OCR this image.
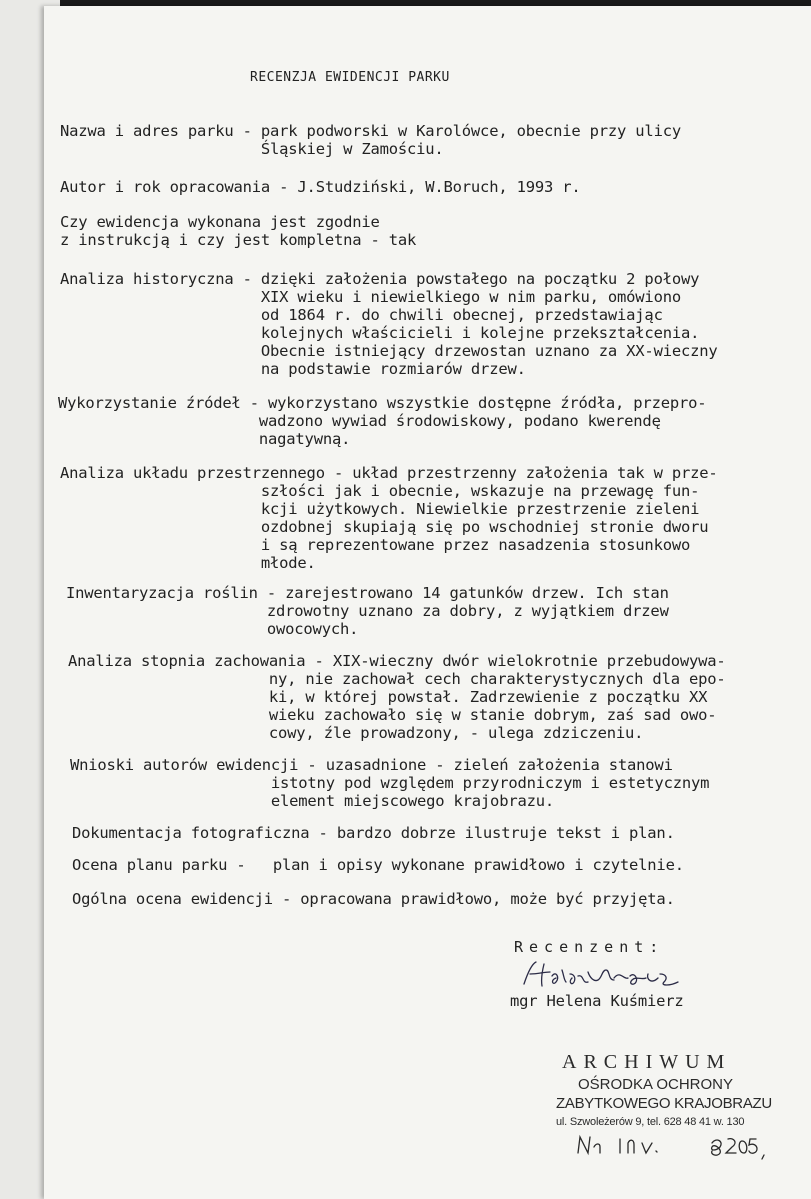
RECENZJA EWIDENCJI PARKU
Nazwa i adres parku - park podworski w Karolówce, obecnie przy ulicy
Śląskiej w Zamościu.
Autor i rok opracowania - J.Studziński, W.Boruch, 1993 r.
Czy ewidencja wykonana jest zgodnie
z instrukcją i czy jest kompletna - tak
Analiza historyczna - dzięki założenia powstałego na początku 2 połowy
XIX wieku i niewielkiego w nim parku, omówiono
od 1864 r. do chwili obecnej, przedstawiając
kolejnych właścicieli i kolejne przekształcenia.
Obecnie istniejący drzewostan uznano za XX-wieczny
na podstawie rozmiarów drzew.
Wykorzystanie źródeł - wykorzystano wszystkie dostępne źródła, przepro-
wadzono wywiad środowiskowy, podano kwerendę
nagatywną.
Analiza układu przestrzennego - układ przestrzenny założenia tak w prze-
szłości jak i obecnie, wskazuje na przewagę fun-
kcji użytkowych. Niewielkie przestrzenie zieleni
ozdobnej skupiają się po wschodniej stronie dworu
i są reprezentowane przez nasadzenia stosunkowo
młode.
Inwentaryzacja roślin - zarejestrowano 14 gatunków drzew. Ich stan
zdrowotny uznano za dobry, z wyjątkiem drzew
owocowych.
Analiza stopnia zachowania - XIX-wieczny dwór wielokrotnie przebudowywa-
ny, nie zachował cech charakterystycznych dla epo-
ki, w której powstał. Zadrzewienie z początku XX
wieku zachowało się w stanie dobrym, zaś sad owo-
cowy, źle prowadzony, - ulega zdziczeniu.
Wnioski autorów ewidencji - uzasadnione - zieleń założenia stanowi
istotny pod względem przyrodniczym i estetycznym
element miejscowego krajobrazu.
Dokumentacja fotograficzna - bardzo dobrze ilustruje tekst i plan.
Ocena planu parku -   plan i opisy wykonane prawidłowo i czytelnie.
Ogólna ocena ewidencji - opracowana prawidłowo, może być przyjęta.
Recenzent:
mgr Helena Kuśmierz
ARCHIWUM
OŚRODKA OCHRONY
ZABYTKOWEGO KRAJOBRAZU
ul. Szwoleżerów 9, tel. 628 48 41 w. 130
